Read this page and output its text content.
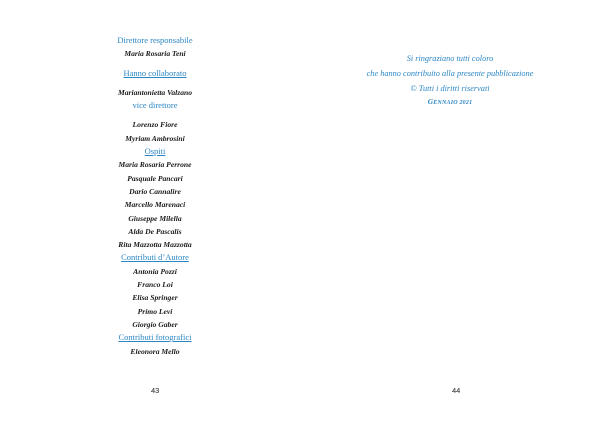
Direttore responsabile
Maria Rosaria Teni
Hanno collaborato
Mariantonietta Valzano
vice direttore
Lorenzo Fiore
Myriam Ambrosini
Ospiti
Maria Rosaria Perrone
Pasquale Pancari
Dario Cannalire
Marcello Marenaci
Giuseppe Milella
Alda De Pascalis
Rita Mazzotta Mazzotta
Contributi d’Autore
Antonia Pozzi
Franco Loi
Elisa Springer
Primo Levi
Giorgio Gaber
Contributi fotografici
Eleonora Mello
43
Si ringraziano tutti coloro
che hanno contribuito alla presente pubblicazione
© Tutti i diritti riservati
GENNAIO 2021
44
